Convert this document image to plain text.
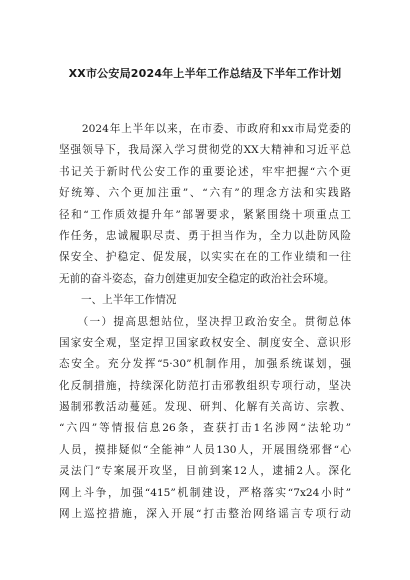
XX市公安局2024年上半年工作总结及下半年工作计划
　　2024年上半年以来，在市委、市政府和xx市局党委的
坚强领导下，我局深入学习贯彻党的XX大精神和习近平总
书记关于新时代公安工作的重要论述，牢牢把握“六个更
好统筹、六个更加注重”、“六有”的理念方法和实践路
径和“工作质效提升年”部署要求，紧紧围绕十项重点工
作任务，忠诚履职尽责、勇于担当作为，全力以赴防风险
保安全、护稳定、促发展，以实实在在的工作业绩和一往
无前的奋斗姿态，奋力创建更加安全稳定的政治社会环境。
一、上半年工作情况
　　（一）提高思想站位，坚决捍卫政治安全。贯彻总体
国家安全观，坚定捍卫国家政权安全、制度安全、意识形
态安全。充分发挥“5·30”机制作用，加强系统谋划，强
化反制措施，持续深化防范打击邪教组织专项行动，坚决
遏制邪教活动蔓延。发现、研判、化解有关高访、宗教、
“六四”等情报信息26条，查获打击1名涉网“法轮功”
人员，摸排疑似“全能神”人员130人，开展围绕邪督“心
灵法门”专案展开攻坚，目前到案12人，逮捕2人。深化
网上斗争，加强“415”机制建设，严格落实“7x24小时”
网上巡控措施，深入开展“打击整治网络谣言专项行动
